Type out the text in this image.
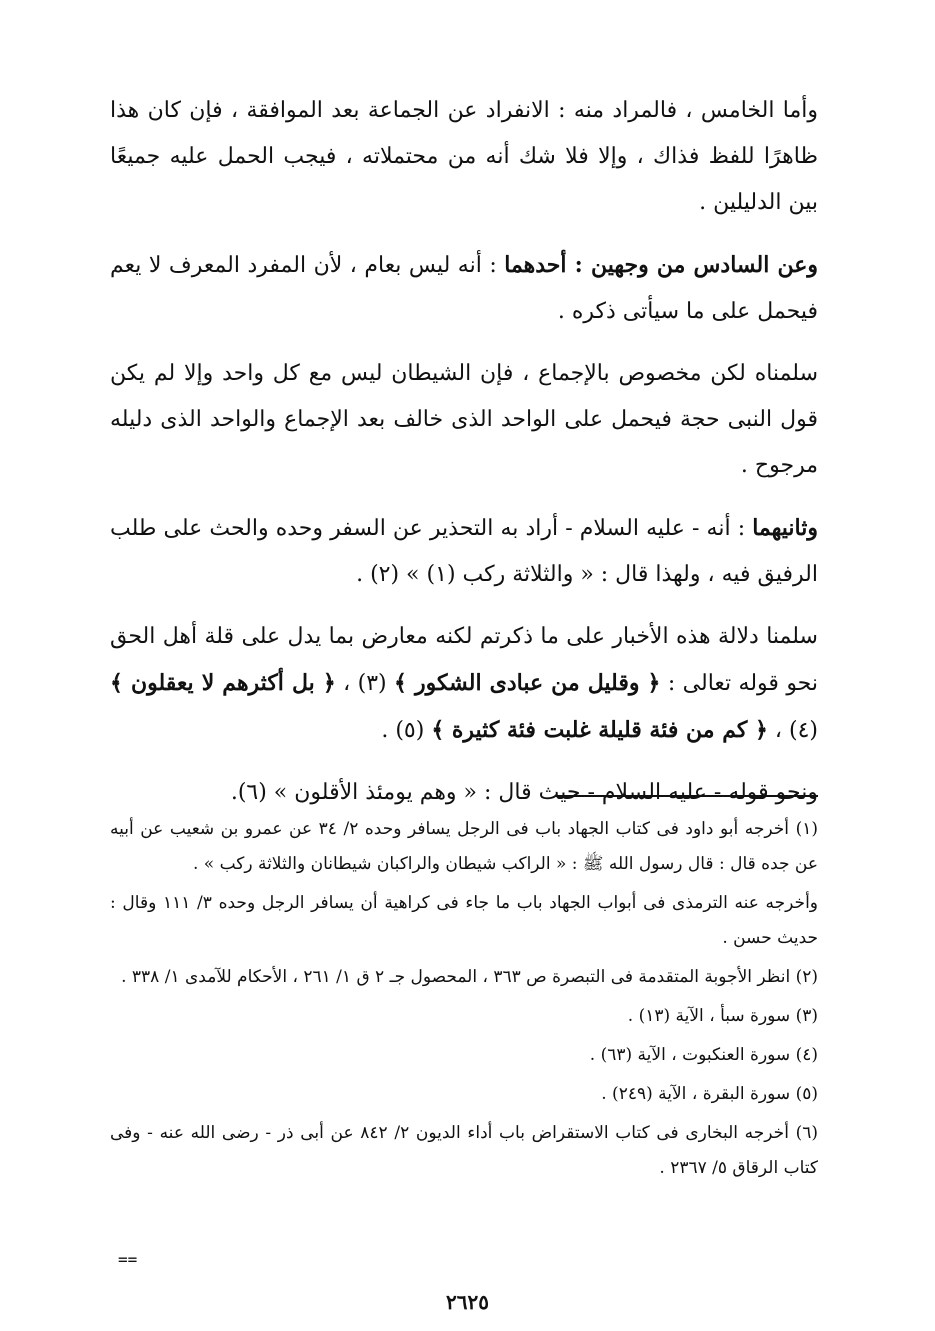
وأما الخامس ، فالمراد منه : الانفراد عن الجماعة بعد الموافقة ، فإن كان هذا ظاهرًا للفظ فذاك ، وإلا فلا شك أنه من محتملاته ، فيجب الحمل عليه جميعًا بين الدليلين .

وعن السادس من وجهين : أحدهما : أنه ليس بعام ، لأن المفرد المعرف لا يعم فيحمل على ما سيأتى ذكره .

سلمناه لكن مخصوص بالإجماع ، فإن الشيطان ليس مع كل واحد وإلا لم يكن قول النبى حجة فيحمل على الواحد الذى خالف بعد الإجماع والواحد الذى دليله مرجوح .

وثانيهما : أنه - عليه السلام - أراد به التحذير عن السفر وحده والحث على طلب الرفيق فيه ، ولهذا قال : « والثلاثة ركب (١) » (٢) .

سلمنا دلالة هذه الأخبار على ما ذكرتم لكنه معارض بما يدل على قلة أهل الحق نحو قوله تعالى : ﴿ وقليل من عبادى الشكور ﴾ (٣) ، ﴿ بل أكثرهم لا يعقلون ﴾ (٤) ، ﴿ كم من فئة قليلة غلبت فئة كثيرة ﴾ (٥) .

ونحو قوله - عليه السلام - حيث قال : « وهم يومئذ الأقلون » (٦).

(١) أخرجه أبو داود فى كتاب الجهاد باب فى الرجل يسافر وحده ٢/ ٣٤ عن عمرو بن شعيب عن أبيه عن جده قال : قال رسول الله ﷺ : « الراكب شيطان والراكبان شيطانان والثلاثة ركب » .

وأخرجه عنه الترمذى فى أبواب الجهاد باب ما جاء فى كراهية أن يسافر الرجل وحده ٣/ ١١١ وقال : حديث حسن .

(٢) انظر الأجوبة المتقدمة فى التبصرة ص ٣٦٣ ، المحصول جـ ٢ ق ١/ ٢٦١ ، الأحكام للآمدى ١/ ٣٣٨ .

(٣) سورة سبأ ، الآية (١٣) .

(٤) سورة العنكبوت ، الآية (٦٣) .

(٥) سورة البقرة ، الآية (٢٤٩) .

(٦) أخرجه البخارى فى كتاب الاستقراض باب أداء الديون ٢/ ٨٤٢ عن أبى ذر - رضى الله عنه - وفى كتاب الرقاق ٥/ ٢٣٦٧ .

==
٢٦٢٥
